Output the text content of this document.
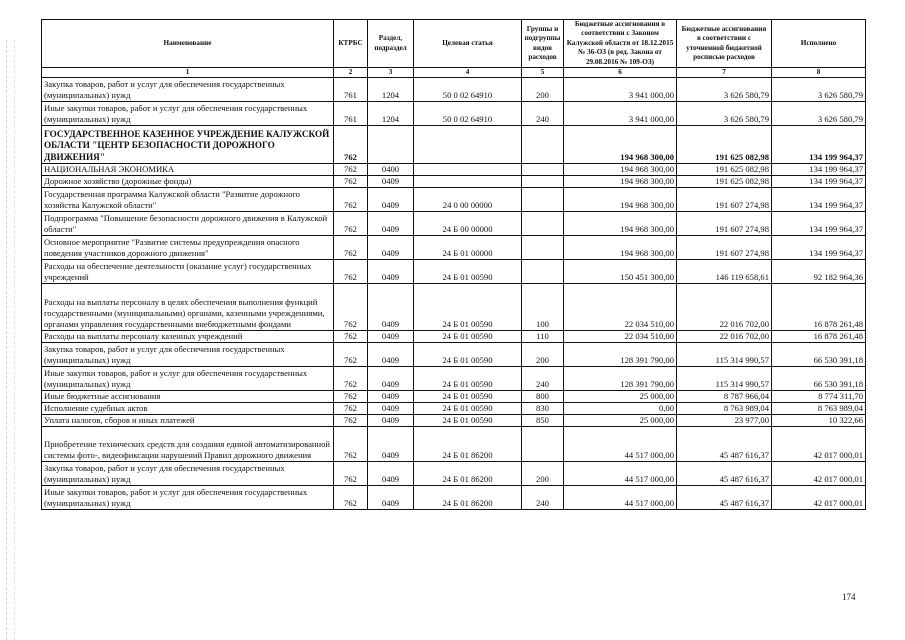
Наименование	КТРБС	Раздел, подраздел	Целевая статья	Группы и подгруппы видов расходов	Бюджетные ассигнования в соответствии с Законом Калужской области от 18.12.2015 № 36-ОЗ (в ред. Закона от 29.08.2016 № 109-ОЗ)	Бюджетные ассигнования в соответствии с уточненной бюджетной росписью расходов	Исполнено
1	2	3	4	5	6	7	8
Закупка товаров, работ и услуг для обеспечения государственных (муниципальных) нужд	761	1204	50 0 02 64910	200	3 941 000,00	3 626 580,79	3 626 580,79
Иные закупки товаров, работ и услуг для обеспечения государственных (муниципальных) нужд	761	1204	50 0 02 64910	240	3 941 000,00	3 626 580,79	3 626 580,79
ГОСУДАРСТВЕННОЕ КАЗЕННОЕ УЧРЕЖДЕНИЕ КАЛУЖСКОЙ ОБЛАСТИ "ЦЕНТР БЕЗОПАСНОСТИ ДОРОЖНОГО ДВИЖЕНИЯ"	762				194 968 300,00	191 625 082,98	134 199 964,37
НАЦИОНАЛЬНАЯ ЭКОНОМИКА	762	0400			194 968 300,00	191 625 082,98	134 199 964,37
Дорожное хозяйство (дорожные фонды)	762	0409			194 968 300,00	191 625 082,98	134 199 964,37
Государственная программа Калужской области "Развитие дорожного хозяйства Калужской области"	762	0409	24 0 00 00000		194 968 300,00	191 607 274,98	134 199 964,37
Подпрограмма "Повышение безопасности дорожного движения в Калужской области"	762	0409	24 Б 00 00000		194 968 300,00	191 607 274,98	134 199 964,37
Основное мероприятие "Развитие системы предупреждения опасного поведения участников дорожного движения"	762	0409	24 Б 01 00000		194 968 300,00	191 607 274,98	134 199 964,37
Расходы на обеспечение деятельности (оказание услуг) государственных учреждений	762	0409	24 Б 01 00590		150 451 300,00	146 119 658,61	92 182 964,36
Расходы на выплаты персоналу в целях обеспечения выполнения функций государственными (муниципальными) органами, казенными учреждениями, органами управления государственными внебюджетными фондами	762	0409	24 Б 01 00590	100	22 034 510,00	22 016 702,00	16 878 261,48
Расходы на выплаты персоналу казенных учреждений	762	0409	24 Б 01 00590	110	22 034 510,00	22 016 702,00	16 878 261,48
Закупка товаров, работ и услуг для обеспечения государственных (муниципальных) нужд	762	0409	24 Б 01 00590	200	128 391 790,00	115 314 990,57	66 530 391,18
Иные закупки товаров, работ и услуг для обеспечения государственных (муниципальных) нужд	762	0409	24 Б 01 00590	240	128 391 790,00	115 314 990,57	66 530 391,18
Иные бюджетные ассигнования	762	0409	24 Б 01 00590	800	25 000,00	8 787 966,04	8 774 311,70
Исполнение судебных актов	762	0409	24 Б 01 00590	830	0,00	8 763 989,04	8 763 989,04
Уплата налогов, сборов и иных платежей	762	0409	24 Б 01 00590	850	25 000,00	23 977,00	10 322,66
Приобретение технических средств для создания единой автоматизированной системы фото-, видеофиксации нарушений Правил дорожного движения	762	0409	24 Б 01 86200		44 517 000,00	45 487 616,37	42 017 000,01
Закупка товаров, работ и услуг для обеспечения государственных (муниципальных) нужд	762	0409	24 Б 01 86200	200	44 517 000,00	45 487 616,37	42 017 000,01
Иные закупки товаров, работ и услуг для обеспечения государственных (муниципальных) нужд	762	0409	24 Б 01 86200	240	44 517 000,00	45 487 616,37	42 017 000,01
174
